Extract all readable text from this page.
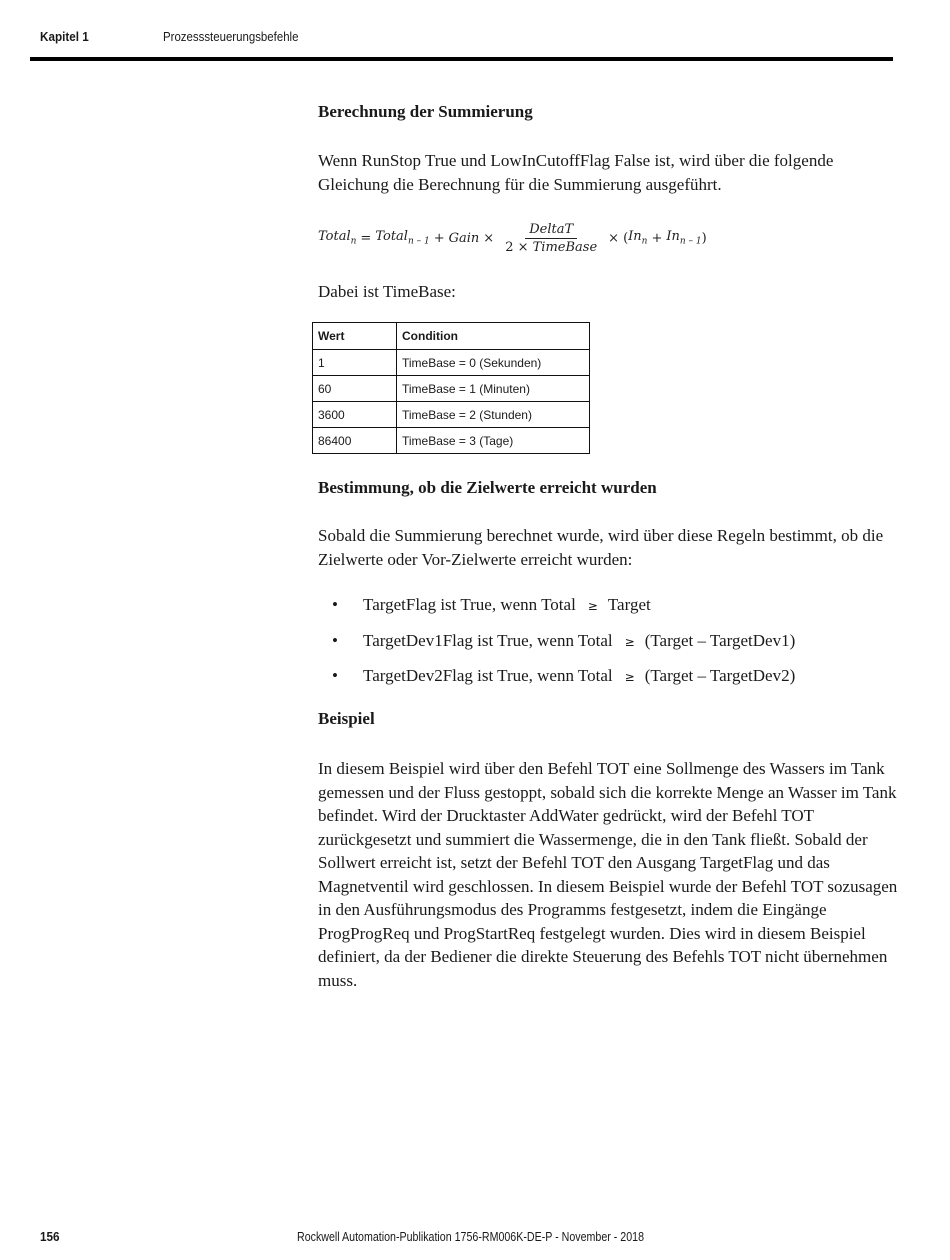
Kapitel 1	Prozesssteuerungsbefehle
Berechnung der Summierung

Wenn RunStop True und LowInCutoffFlag False ist, wird über die folgende Gleichung die Berechnung für die Summierung ausgeführt.

Total$_n$ = Total$_{n - 1}$ + Gain × $\frac{\text{DeltaT}}{\text{2 × TimeBase}}$ × ( $In_n + In_{n - 1}$ )

Dabei ist TimeBase:

Wert	Condition
1	TimeBase = 0 (Sekunden)
60	TimeBase = 1 (Minuten)
3600	TimeBase = 2 (Stunden)
86400	TimeBase = 3 (Tage)
Bestimmung, ob die Zielwerte erreicht wurden

Sobald die Summierung berechnet wurde, wird über diese Regeln bestimmt, ob die Zielwerte oder Vor-Zielwerte erreicht wurden:

• TargetFlag ist True, wenn Total ≥ Target
• TargetDev1Flag ist True, wenn Total ≥ (Target – TargetDev1)
• TargetDev2Flag ist True, wenn Total ≥ (Target – TargetDev2)
Beispiel

In diesem Beispiel wird über den Befehl TOT eine Sollmenge des Wassers im Tank gemessen und der Fluss gestoppt, sobald sich die korrekte Menge an Wasser im Tank befindet. Wird der Drucktaster AddWater gedrückt, wird der Befehl TOT zurückgesetzt und summiert die Wassermenge, die in den Tank fließt. Sobald der Sollwert erreicht ist, setzt der Befehl TOT den Ausgang TargetFlag und das Magnetventil wird geschlossen. In diesem Beispiel wurde der Befehl TOT sozusagen in den Ausführungsmodus des Programms festgesetzt, indem die Eingänge ProgProgReq und ProgStartReq festgelegt wurden. Dies wird in diesem Beispiel definiert, da der Bediener die direkte Steuerung des Befehls TOT nicht übernehmen muss.

156	Rockwell Automation-Publikation 1756-RM006K-DE-P - November - 2018
